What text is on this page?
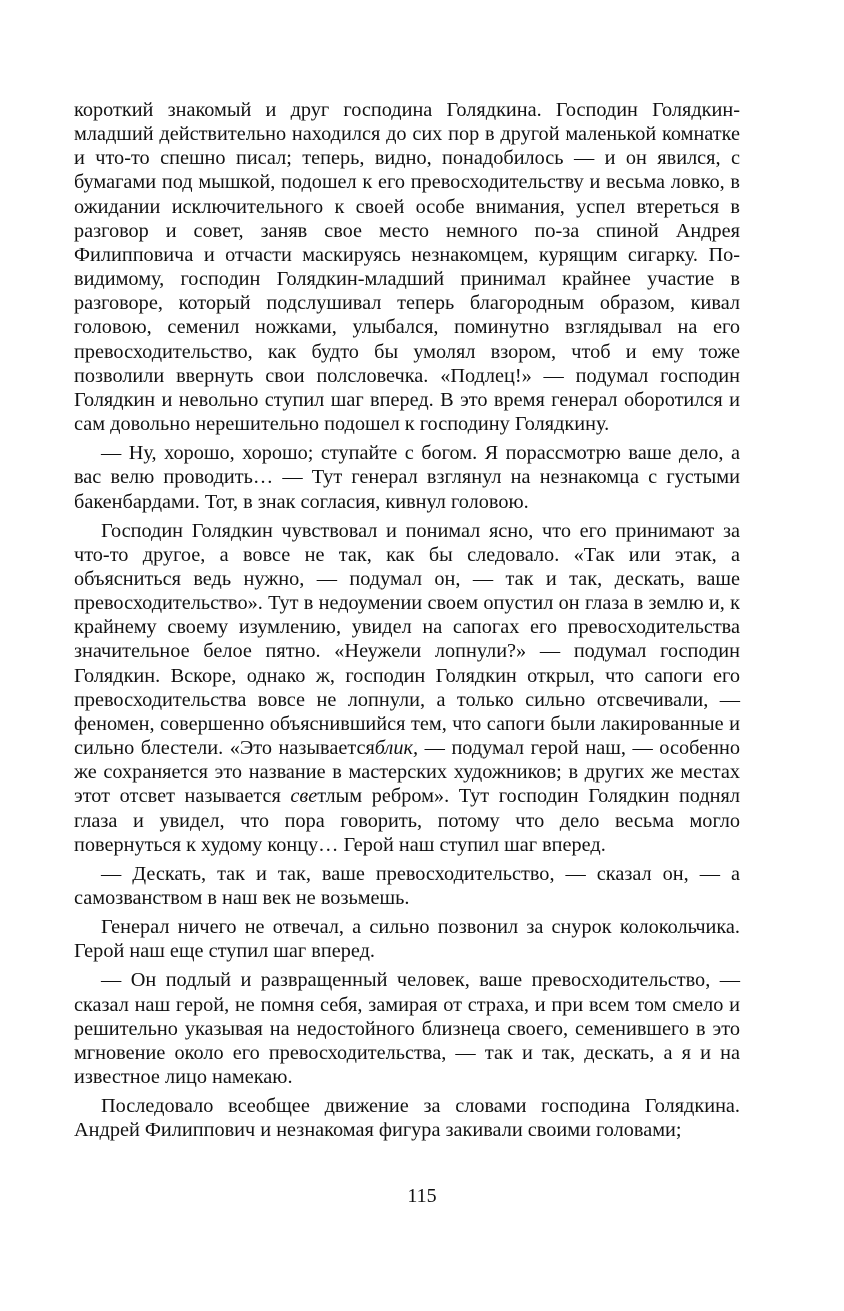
короткий знакомый и друг господина Голядкина. Господин Голядкин-младший действительно находился до сих пор в другой маленькой комнатке и что-то спешно писал; теперь, видно, понадобилось — и он явился, с бумагами под мышкой, подошел к его превосходительству и весьма ловко, в ожидании исключительного к своей особе внимания, успел втереться в разговор и совет, заняв свое место немного по-за спиной Андрея Филипповича и отчасти маскируясь незнакомцем, курящим сигарку. По-видимому, господин Голядкин-младший принимал крайнее участие в разговоре, который подслушивал теперь благородным образом, кивал головою, семенил ножками, улыбался, поминутно взглядывал на его превосходительство, как будто бы умолял взором, чтоб и ему тоже позволили ввернуть свои полсловечка. «Подлец!» — подумал господин Голядкин и невольно ступил шаг вперед. В это время генерал оборотился и сам довольно нерешительно подошел к господину Голядкину.

— Ну, хорошо, хорошо; ступайте с богом. Я порассмотрю ваше дело, а вас велю проводить… — Тут генерал взглянул на незнакомца с густыми бакенбардами. Тот, в знак согласия, кивнул головою.

Господин Голядкин чувствовал и понимал ясно, что его принимают за что-то другое, а вовсе не так, как бы следовало. «Так или этак, а объясниться ведь нужно, — подумал он, — так и так, дескать, ваше превосходительство». Тут в недоумении своем опустил он глаза в землю и, к крайнему своему изумлению, увидел на сапогах его превосходительства значительное белое пятно. «Неужели лопнули?» — подумал господин Голядкин. Вскоре, однако ж, господин Голядкин открыл, что сапоги его превосходительства вовсе не лопнули, а только сильно отсвечивали, — феномен, совершенно объяснившийся тем, что сапоги были лакированные и сильно блестели. «Это называетсяблик, — подумал герой наш, — особенно же сохраняется это название в мастерских художников; в других же местах этот отсвет называется светлым ребром». Тут господин Голядкин поднял глаза и увидел, что пора говорить, потому что дело весьма могло повернуться к худому концу… Герой наш ступил шаг вперед.

— Дескать, так и так, ваше превосходительство, — сказал он, — а самозванством в наш век не возьмешь.

Генерал ничего не отвечал, а сильно позвонил за снурок колокольчика. Герой наш еще ступил шаг вперед.

— Он подлый и развращенный человек, ваше превосходительство, — сказал наш герой, не помня себя, замирая от страха, и при всем том смело и решительно указывая на недостойного близнеца своего, семенившего в это мгновение около его превосходительства, — так и так, дескать, а я и на известное лицо намекаю.

Последовало всеобщее движение за словами господина Голядкина. Андрей Филиппович и незнакомая фигура закивали своими головами;

115
